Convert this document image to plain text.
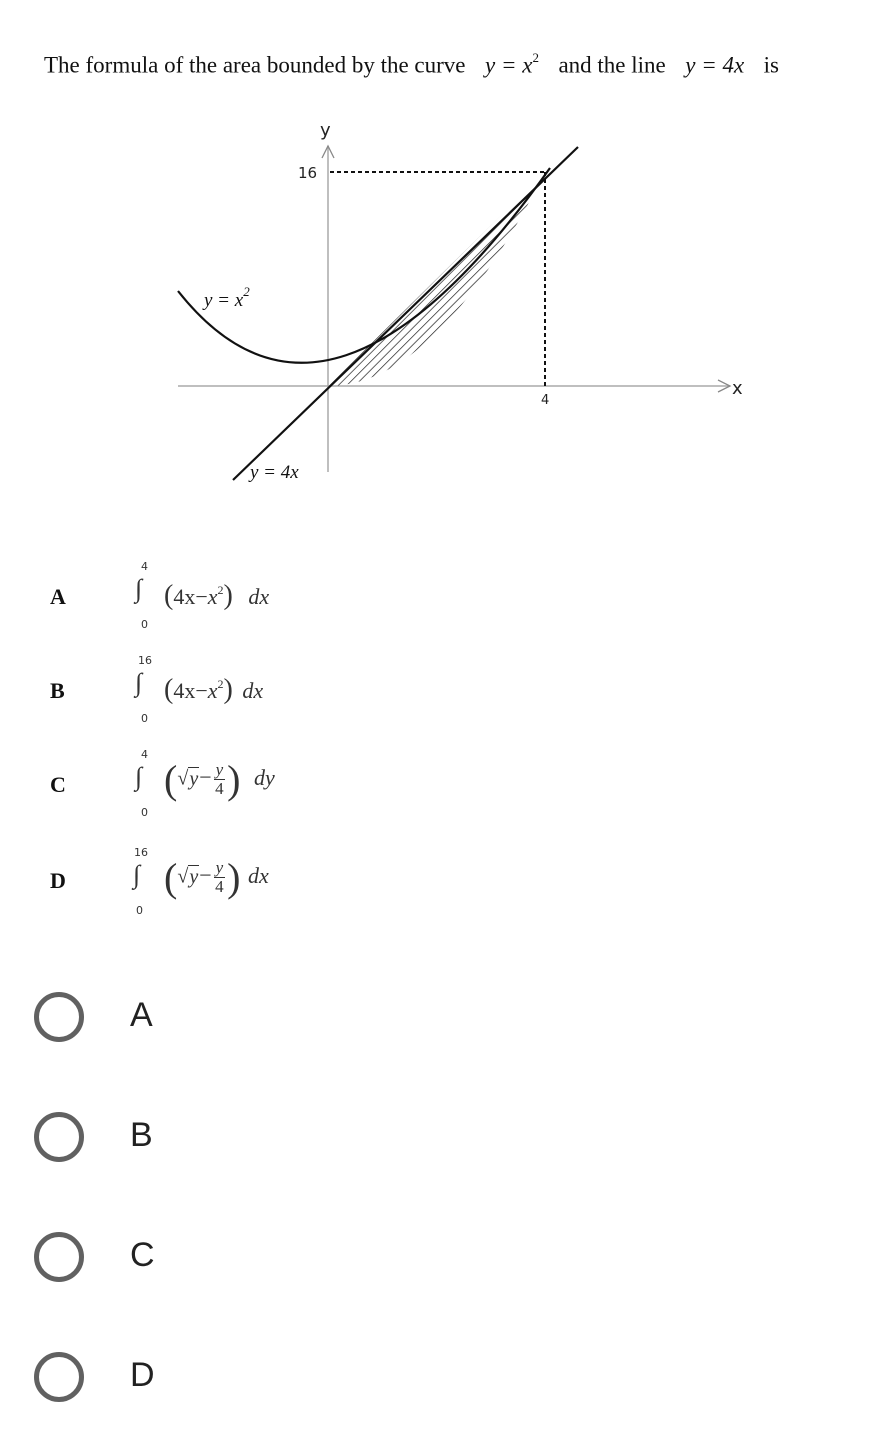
The formula of the area bounded by the curve $y = x^2$ and the line y = 4x is
y
x
16
4
$y = x^2$
y = 4x
A
4
∫
0
$(4x-x^2)$ dx
B
16
∫
0
$(4x-x^2)$ dx
C
4
∫
0
($√y- \frac{y}{4}$ ) dy
D
16
∫
0
($√y- \frac{y}{4}$ ) dx
A
B
C
D
